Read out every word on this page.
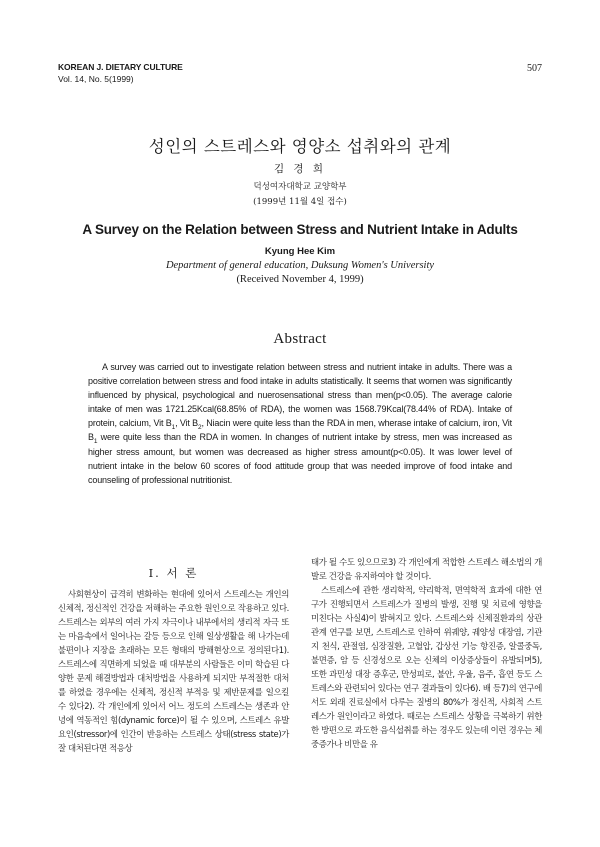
KOREAN J. DIETARY CULTURE
Vol. 14, No. 5(1999)
507
성인의 스트레스와 영양소 섭취와의 관계
김 경 희
덕성여자대학교 교양학부
(1999년 11월 4일 접수)
A Survey on the Relation between Stress and Nutrient Intake in Adults
Kyung Hee Kim
Department of general education, Duksung Women's University
(Received November 4, 1999)
Abstract

A survey was carried out to investigate relation between stress and nutrient intake in adults. There was a positive correlation between stress and food intake in adults statistically. It seems that women was significantly influenced by physical, psychological and nuerosensational stress than men(p<0.05). The average calorie intake of men was 1721.25Kcal(68.85% of RDA), the women was 1568.79Kcal(78.44% of RDA). Intake of protein, calcium, Vit $B_1$, Vit $B_2$, Niacin were quite less than the RDA in men, wherase intake of calcium, iron, Vit $B_1$ were quite less than the RDA in women. In changes of nutrient intake by stress, men was increased as higher stress amount, but women was decreased as higher stress amount(p<0.05). It was lower level of nutrient intake in the below 60 scores of food attitude group that was needed improve of food intake and counseling of professional nutritionist.

I. 서 론

사회현상이 급격히 변화하는 현대에 있어서 스트레스는 개인의 신체적, 정신적인 건강을 저해하는 주요한 원인으로 작용하고 있다. 스트레스는 외부의 여러 가지 자극이나 내부에서의 생리적 자극 또는 마음속에서 일어나는 갈등 등으로 인해 일상생활을 해 나가는데 불편이나 지장을 초래하는 모든 형태의 방해현상으로 정의된다1). 스트레스에 직면하게 되었을 때 대부분의 사람들은 이미 학습된 다양한 문제 해결방법과 대처방법을 사용하게 되지만 부적절한 대처를 하였을 경우에는 신체적, 정신적 부적응 및 제반문제를 일으킬 수 있다2). 각 개인에게 있어서 어느 정도의 스트레스는 생존과 안녕에 역동적인 힘(dynamic force)이 될 수 있으며, 스트레스 유발요인(stressor)에 인간이 반응하는 스트레스 상태(stress state)가 잘 대처된다면 적응상

태가 될 수도 있으므로3) 각 개인에게 적합한 스트레스 해소법의 개발로 건강을 유지하여야 할 것이다.

스트레스에 관한 생리학적, 약리학적, 면역학적 효과에 대한 연구가 진행되면서 스트레스가 질병의 발생, 진행 및 치료에 영향을 미친다는 사실4)이 밝혀지고 있다. 스트레스와 신체질환과의 상관관계 연구를 보면, 스트레스로 인하여 위궤양, 궤양성 대장염, 기관지 천식, 관절염, 심장질환, 고혈압, 갑상선 기능 항진증, 알콜중독, 불면증, 암 등 신경성으로 오는 신체의 이상증상들이 유발되며5), 또한 과민성 대장 증후군, 만성피로, 불안, 우울, 음주, 흡연 등도 스트레스와 관련되어 있다는 연구 결과들이 있다6). 배 등7)의 연구에서도 외래 진료실에서 다루는 질병의 80%가 정신적, 사회적 스트레스가 원인이라고 하였다. 때로는 스트레스 상황을 극복하기 위한 한 방편으로 과도한 음식섭취를 하는 경우도 있는데 이런 경우는 체중증가나 비만을 유
